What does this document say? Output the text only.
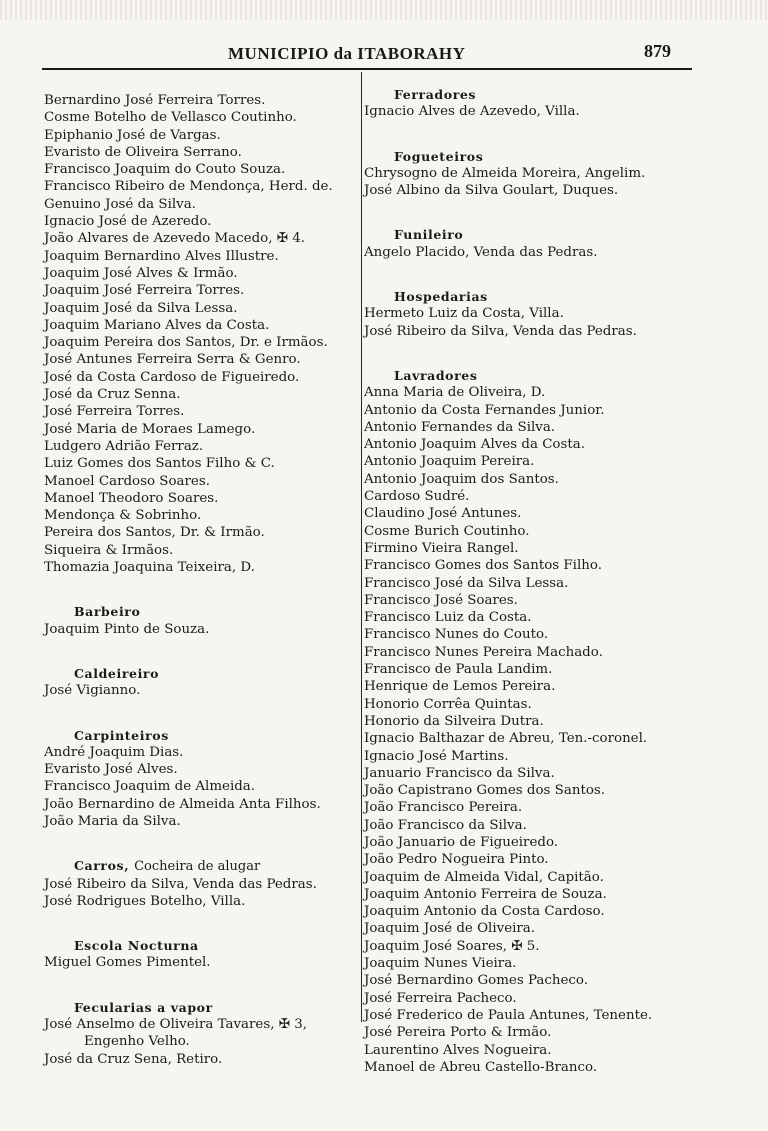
MUNICIPIO da ITABORAHY	879
Bernardino José Ferreira Torres.
Cosme Botelho de Vellasco Coutinho.
Epiphanio José de Vargas.
Evaristo de Oliveira Serrano.
Francisco Joaquim do Couto Souza.
Francisco Ribeiro de Mendonça, Herd. de.
Genuino José da Silva.
Ignacio José de Azeredo.
João Alvares de Azevedo Macedo, ✠ 4.
Joaquim Bernardino Alves Illustre.
Joaquim José Alves & Irmão.
Joaquim José Ferreira Torres.
Joaquim José da Silva Lessa.
Joaquim Mariano Alves da Costa.
Joaquim Pereira dos Santos, Dr. e Irmãos.
José Antunes Ferreira Serra & Genro.
José da Costa Cardoso de Figueiredo.
José da Cruz Senna.
José Ferreira Torres.
José Maria de Moraes Lamego.
Ludgero Adrião Ferraz.
Luiz Gomes dos Santos Filho & C.
Manoel Cardoso Soares.
Manoel Theodoro Soares.
Mendonça & Sobrinho.
Pereira dos Santos, Dr. & Irmão.
Siqueira & Irmãos.
Thomazia Joaquina Teixeira, D.
Barbeiro
Joaquim Pinto de Souza.
Caldeireiro
José Vigianno.
Carpinteiros
André Joaquim Dias.
Evaristo José Alves.
Francisco Joaquim de Almeida.
João Bernardino de Almeida Anta Filhos.
João Maria da Silva.
Carros, Cocheira de alugar
José Ribeiro da Silva, Venda das Pedras.
José Rodrigues Botelho, Villa.
Escola Nocturna
Miguel Gomes Pimentel.
Fecularias a vapor
José Anselmo de Oliveira Tavares, ✠ 3,
Engenho Velho.
José da Cruz Sena, Retiro.
Ferradores
Ignacio Alves de Azevedo, Villa.
Fogueteiros
Chrysogno de Almeida Moreira, Angelim.
José Albino da Silva Goulart, Duques.
Funileiro
Angelo Placido, Venda das Pedras.
Hospedarias
Hermeto Luiz da Costa, Villa.
José Ribeiro da Silva, Venda das Pedras.
Lavradores
Anna Maria de Oliveira, D.
Antonio da Costa Fernandes Junior.
Antonio Fernandes da Silva.
Antonio Joaquim Alves da Costa.
Antonio Joaquim Pereira.
Antonio Joaquim dos Santos.
Cardoso Sudré.
Claudino José Antunes.
Cosme Burich Coutinho.
Firmino Vieira Rangel.
Francisco Gomes dos Santos Filho.
Francisco José da Silva Lessa.
Francisco José Soares.
Francisco Luiz da Costa.
Francisco Nunes do Couto.
Francisco Nunes Pereira Machado.
Francisco de Paula Landim.
Henrique de Lemos Pereira.
Honorio Corrêa Quintas.
Honorio da Silveira Dutra.
Ignacio Balthazar de Abreu, Ten.-coronel.
Ignacio José Martins.
Januario Francisco da Silva.
João Capistrano Gomes dos Santos.
João Francisco Pereira.
João Francisco da Silva.
João Januario de Figueiredo.
João Pedro Nogueira Pinto.
Joaquim de Almeida Vidal, Capitão.
Joaquim Antonio Ferreira de Souza.
Joaquim Antonio da Costa Cardoso.
Joaquim José de Oliveira.
Joaquim José Soares, ✠ 5.
Joaquim Nunes Vieira.
José Bernardino Gomes Pacheco.
José Ferreira Pacheco.
José Frederico de Paula Antunes, Tenente.
José Pereira Porto & Irmão.
Laurentino Alves Nogueira.
Manoel de Abreu Castello-Branco.
